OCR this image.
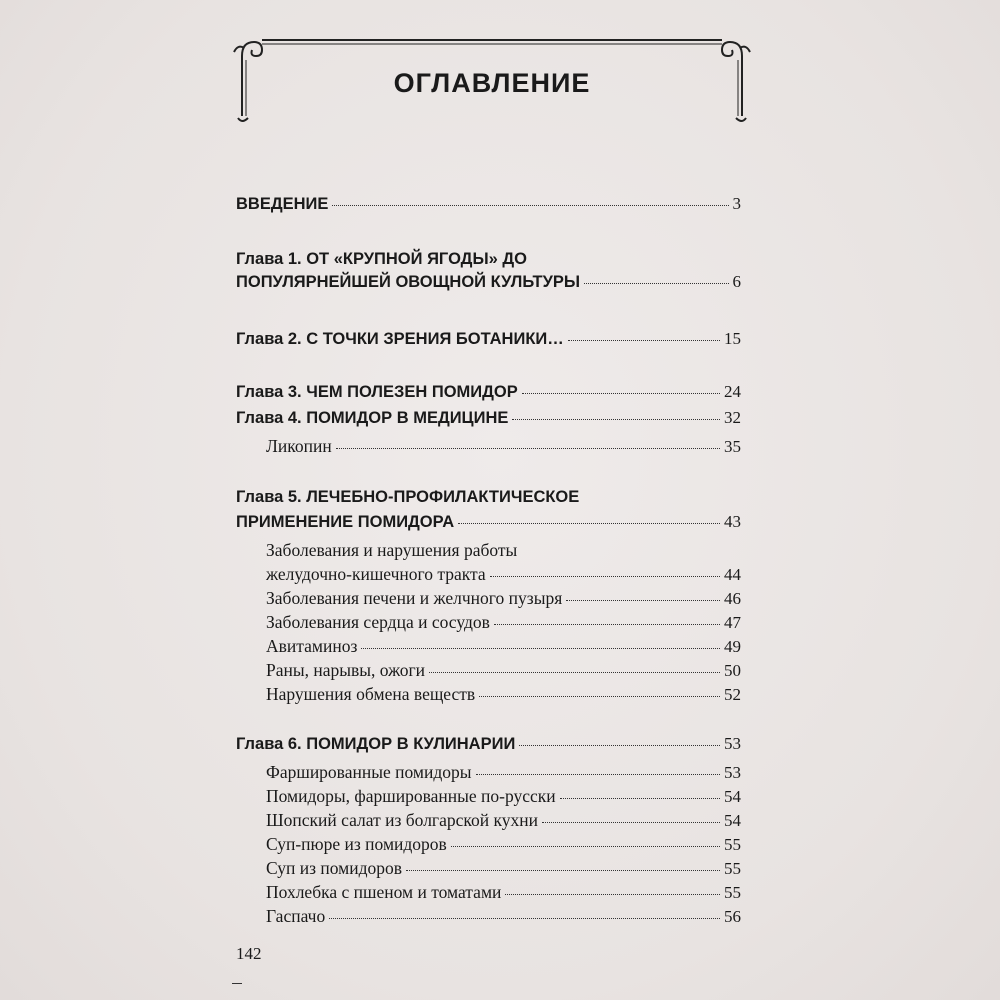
ОГЛАВЛЕНИЕ
ВВЕДЕНИЕ	3
Глава 1. ОТ «КРУПНОЙ ЯГОДЫ» ДО
ПОПУЛЯРНЕЙШЕЙ ОВОЩНОЙ КУЛЬТУРЫ	6
Глава 2. С ТОЧКИ ЗРЕНИЯ БОТАНИКИ…	15
Глава 3. ЧЕМ ПОЛЕЗЕН ПОМИДОР	24
Глава 4. ПОМИДОР В МЕДИЦИНЕ	32
Ликопин	35
Глава 5. ЛЕЧЕБНО-ПРОФИЛАКТИЧЕСКОЕ
ПРИМЕНЕНИЕ ПОМИДОРА	43
Заболевания и нарушения работы
желудочно-кишечного тракта	44
Заболевания печени и желчного пузыря	46
Заболевания сердца и сосудов	47
Авитаминоз	49
Раны, нарывы, ожоги	50
Нарушения обмена веществ	52
Глава 6. ПОМИДОР В КУЛИНАРИИ	53
Фаршированные помидоры	53
Помидоры, фаршированные по-русски	54
Шопский салат из болгарской кухни	54
Суп-пюре из помидоров	55
Суп из помидоров	55
Похлебка с пшеном и томатами	55
Гаспачо	56
142
